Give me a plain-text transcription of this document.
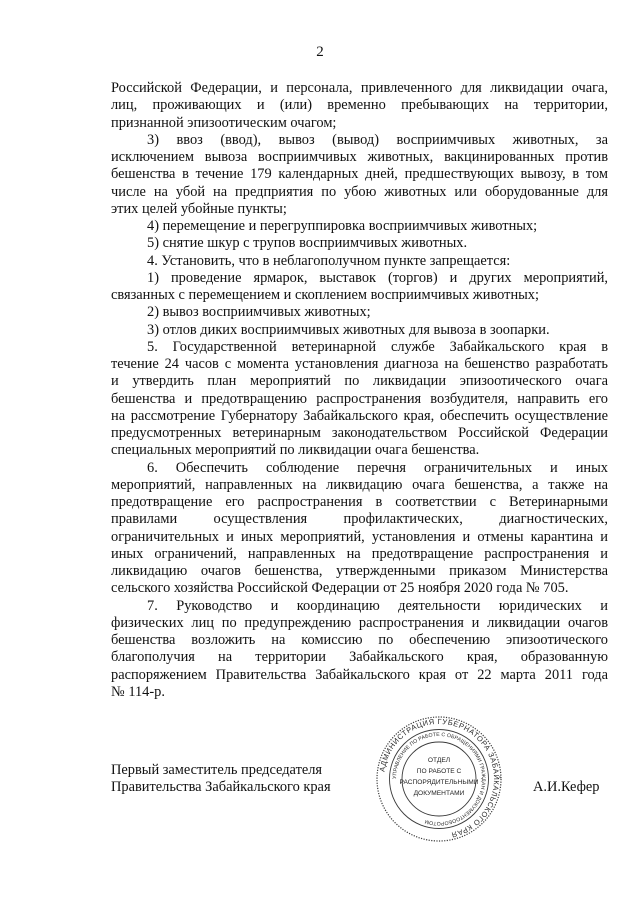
2
Российской Федерации, и персонала, привлеченного для ликвидации очага,
лиц, проживающих и (или) временно пребывающих на территории,
признанной эпизоотическим очагом;
3) ввоз (ввод), вывоз (вывод) восприимчивых животных, за
исключением вывоза восприимчивых животных, вакцинированных против
бешенства в течение 179 календарных дней, предшествующих вывозу, в том
числе на убой на предприятия по убою животных или оборудованные для
этих целей убойные пункты;
4) перемещение и перегруппировка восприимчивых животных;
5) снятие шкур с трупов восприимчивых животных.
4. Установить, что в неблагополучном пункте запрещается:
1) проведение ярмарок, выставок (торгов) и других мероприятий,
связанных с перемещением и скоплением восприимчивых животных;
2) вывоз восприимчивых животных;
3) отлов диких восприимчивых животных для вывоза в зоопарки.
5. Государственной ветеринарной службе Забайкальского края в
течение 24 часов с момента установления диагноза на бешенство разработать
и утвердить план мероприятий по ликвидации эпизоотического очага
бешенства и предотвращению распространения возбудителя, направить его
на рассмотрение Губернатору Забайкальского края, обеспечить осуществление
предусмотренных ветеринарным законодательством Российской Федерации
специальных мероприятий по ликвидации очага бешенства.
6. Обеспечить соблюдение перечня ограничительных и иных
мероприятий, направленных на ликвидацию очага бешенства, а также на
предотвращение его распространения в соответствии с Ветеринарными
правилами осуществления профилактических, диагностических,
ограничительных и иных мероприятий, установления и отмены карантина и
иных ограничений, направленных на предотвращение распространения и
ликвидацию очагов бешенства, утвержденными приказом Министерства
сельского хозяйства Российской Федерации от 25 ноября 2020 года № 705.
7. Руководство и координацию деятельности юридических и
физических лиц по предупреждению распространения и ликвидации очагов
бешенства возложить на комиссию по обеспечению эпизоотического
благополучия на территории Забайкальского края, образованную
распоряжением Правительства Забайкальского края от 22 марта 2011 года
№ 114-р.
Первый заместитель председателя
Правительства Забайкальского края	А.И.Кефер
АДМИНИСТРАЦИЯ ГУБЕРНАТОРА ЗАБАЙКАЛЬСКОГО КРАЯ
УПРАВЛЕНИЕ ПО РАБОТЕ С ОБРАЩЕНИЯМИ ГРАЖДАН И ДОКУМЕНТООБОРОТОМ
ОТДЕЛ
ПО РАБОТЕ С
РАСПОРЯДИТЕЛЬНЫМИ
ДОКУМЕНТАМИ
